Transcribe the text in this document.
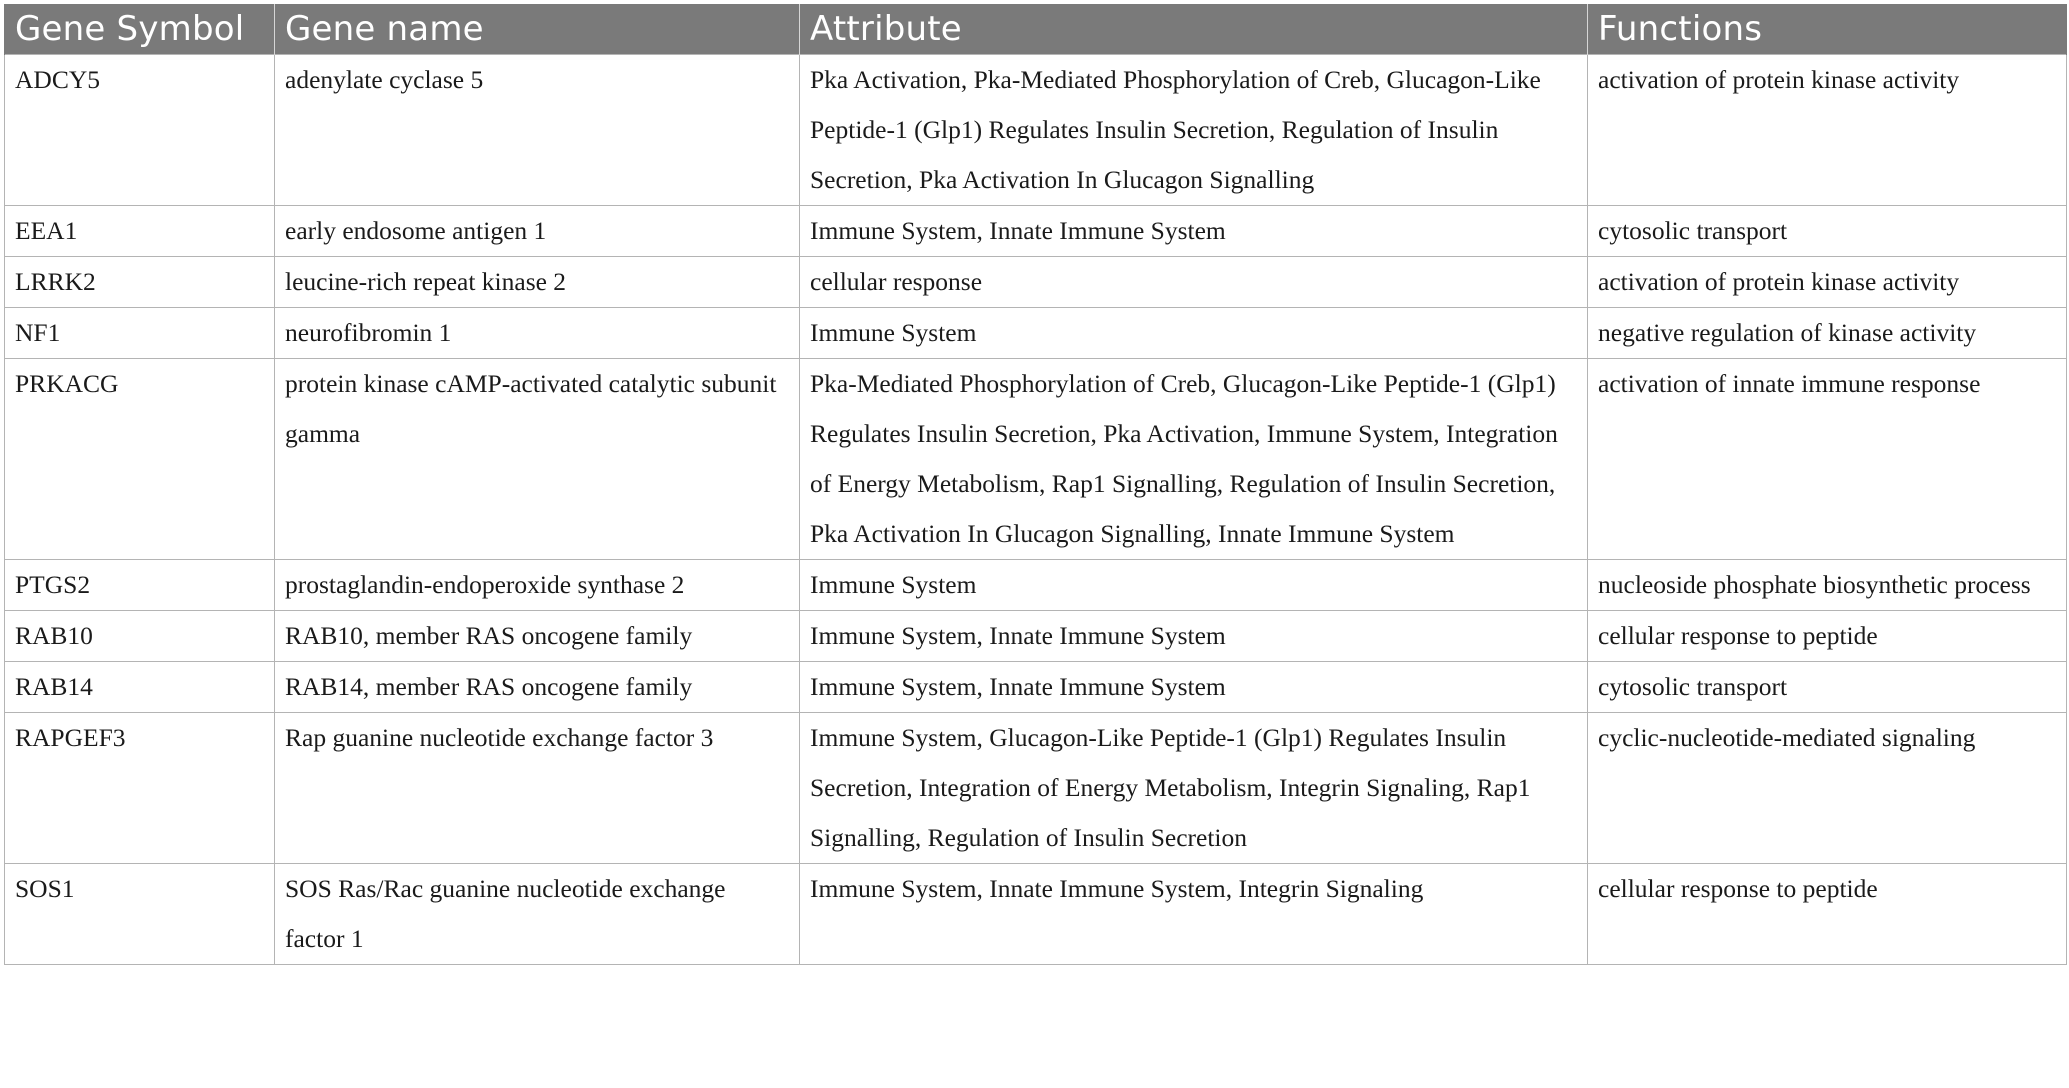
Gene Symbol	Gene name	Attribute	Functions
ADCY5	adenylate cyclase 5	Pka Activation, Pka-Mediated Phosphorylation of Creb, Glucagon-Like Peptide-1 (Glp1) Regulates Insulin Secretion, Regulation of Insulin Secretion, Pka Activation In Glucagon Signalling	activation of protein kinase activity
EEA1	early endosome antigen 1	Immune System, Innate Immune System	cytosolic transport
LRRK2	leucine-rich repeat kinase 2	cellular response	activation of protein kinase activity
NF1	neurofibromin 1	Immune System	negative regulation of kinase activity
PRKACG	protein kinase cAMP-activated catalytic subunit gamma	Pka-Mediated Phosphorylation of Creb, Glucagon-Like Peptide-1 (Glp1) Regulates Insulin Secretion, Pka Activation, Immune System, Integration of Energy Metabolism, Rap1 Signalling, Regulation of Insulin Secretion, Pka Activation In Glucagon Signalling, Innate Immune System	activation of innate immune response
PTGS2	prostaglandin-endoperoxide synthase 2	Immune System	nucleoside phosphate biosynthetic process
RAB10	RAB10, member RAS oncogene family	Immune System, Innate Immune System	cellular response to peptide
RAB14	RAB14, member RAS oncogene family	Immune System, Innate Immune System	cytosolic transport
RAPGEF3	Rap guanine nucleotide exchange factor 3	Immune System, Glucagon-Like Peptide-1 (Glp1) Regulates Insulin Secretion, Integration of Energy Metabolism, Integrin Signaling, Rap1 Signalling, Regulation of Insulin Secretion	cyclic-nucleotide-mediated signaling
SOS1	SOS Ras/Rac guanine nucleotide exchange factor 1	Immune System, Innate Immune System, Integrin Signaling	cellular response to peptide
